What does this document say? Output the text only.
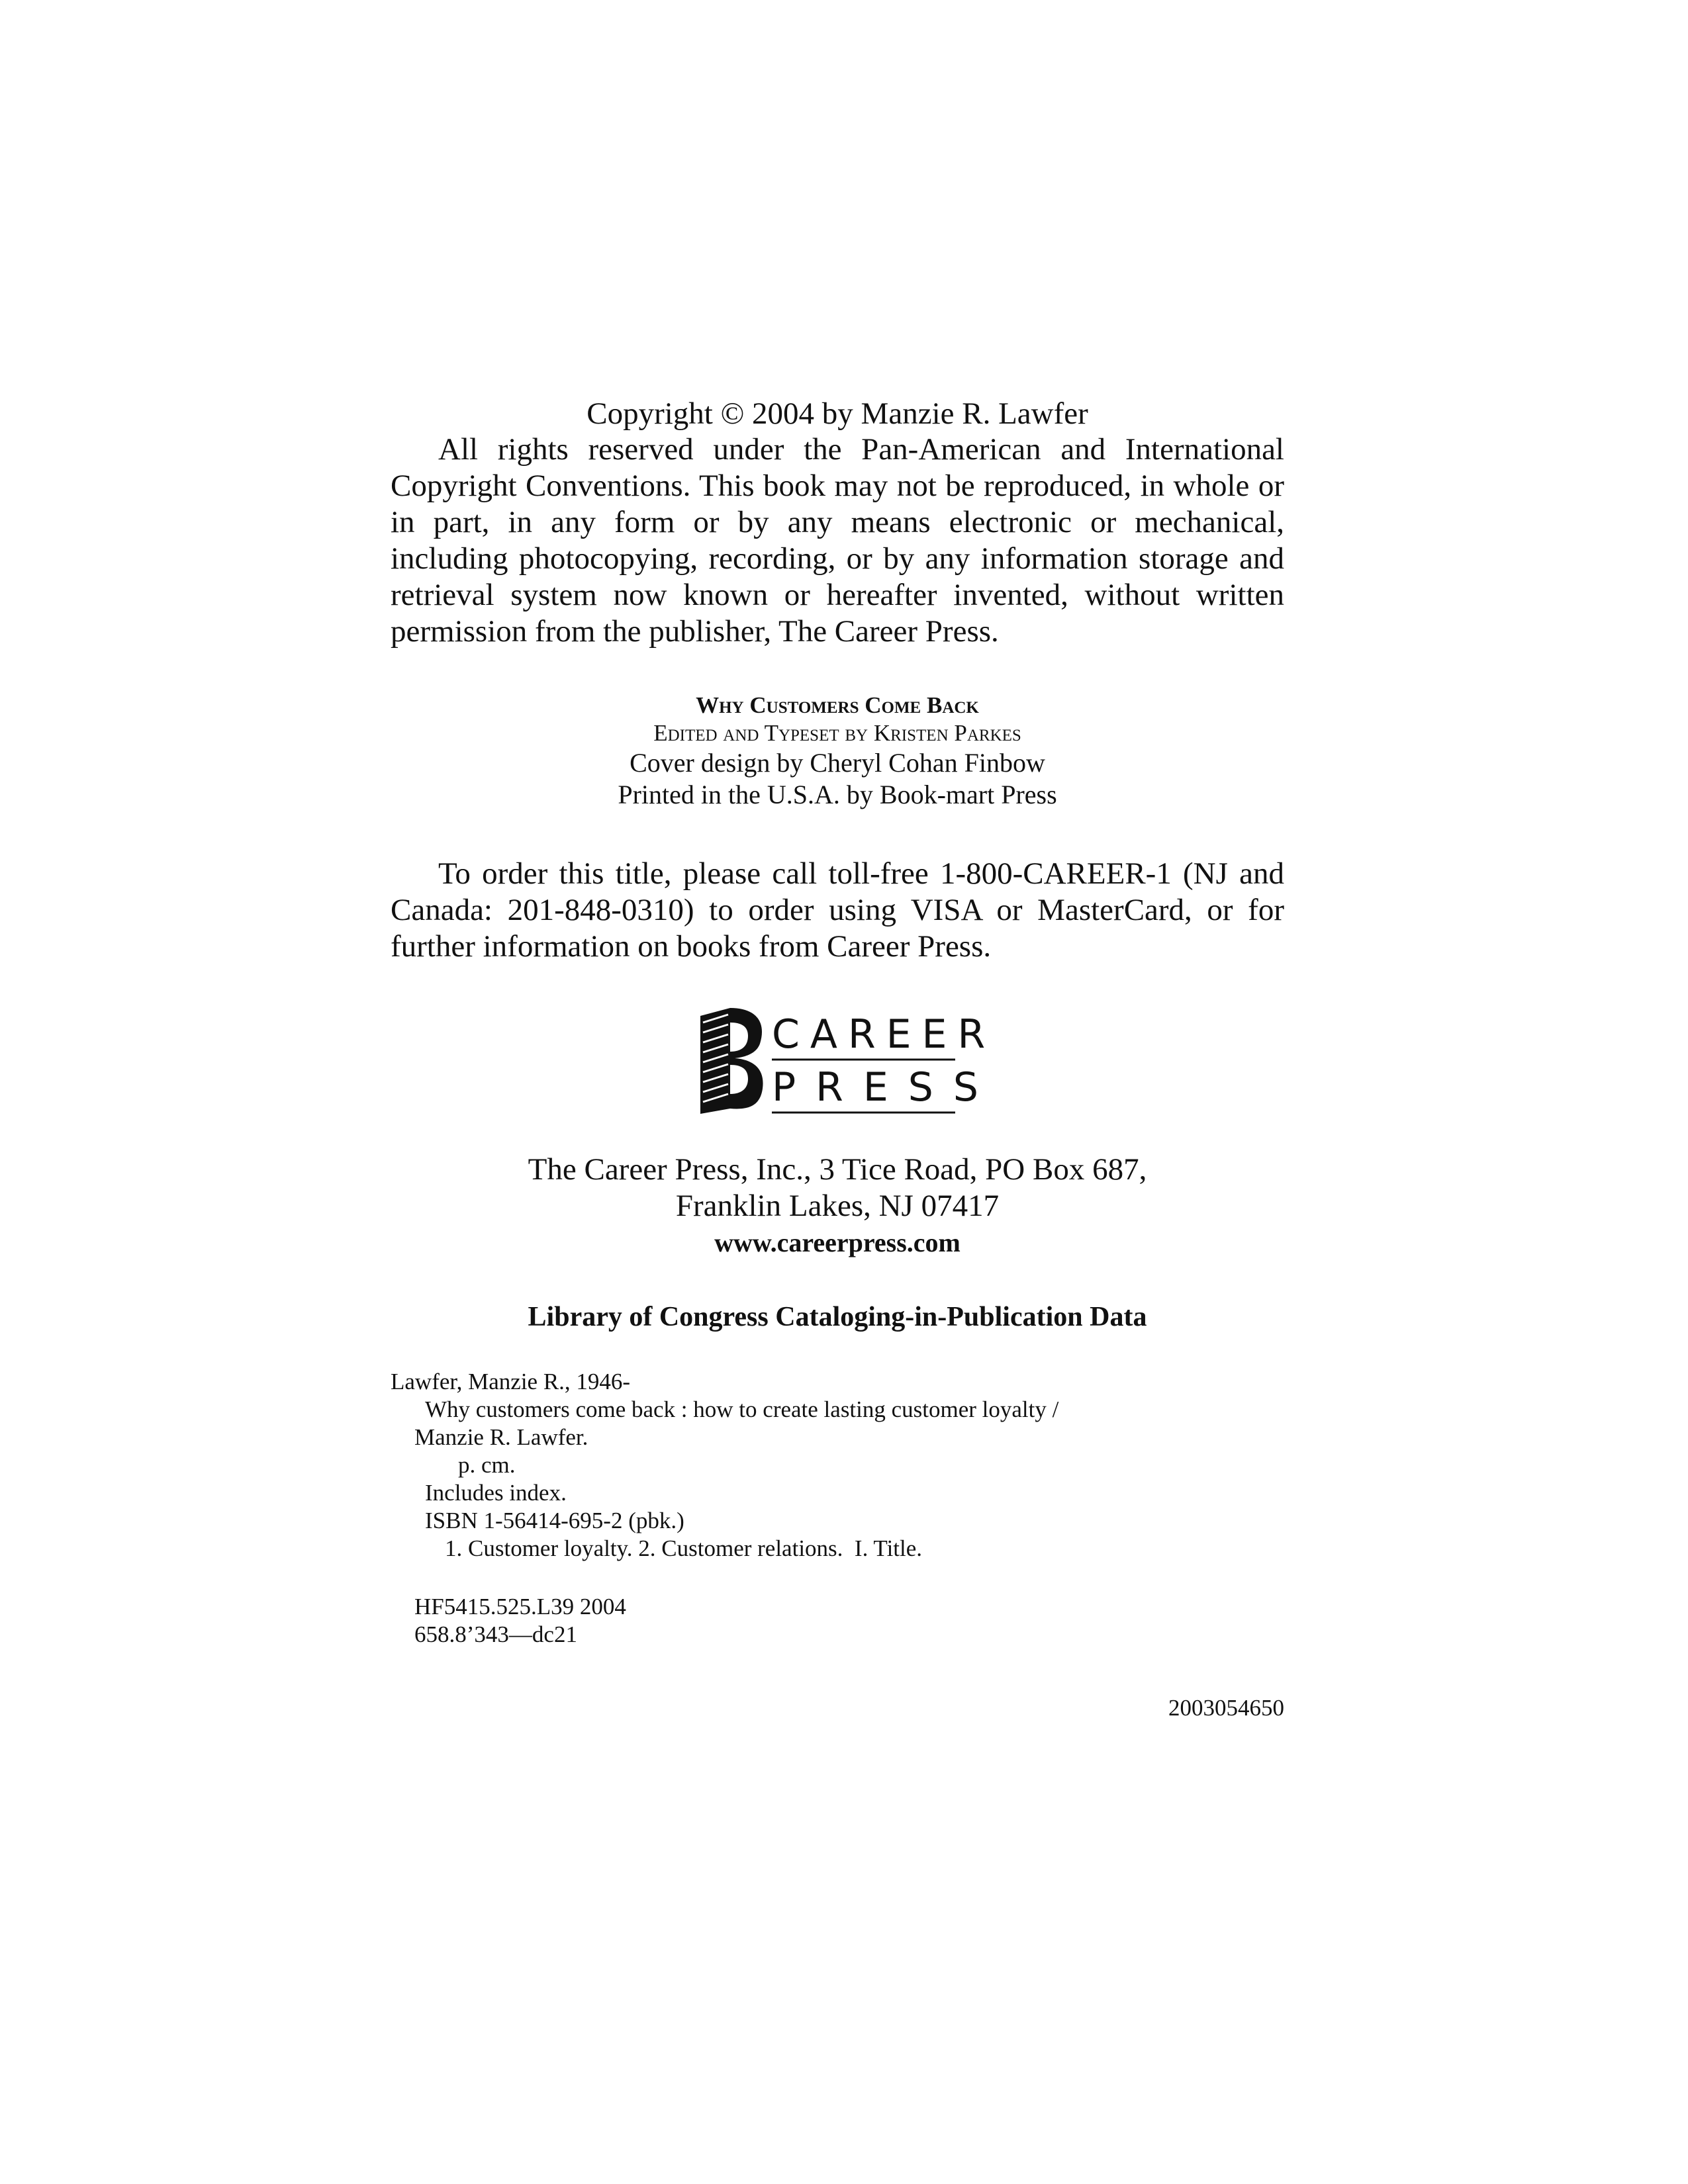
Copyright © 2004 by Manzie R. Lawfer

All rights reserved under the Pan-American and International Copyright Conventions. This book may not be reproduced, in whole or in part, in any form or by any means electronic or mechanical, including photocopying, recording, or by any information storage and retrieval system now known or hereafter invented, without written permission from the publisher, The Career Press.

Why Customers Come Back
Edited and Typeset by Kristen Parkes
Cover design by Cheryl Cohan Finbow
Printed in the U.S.A. by Book-mart Press

To order this title, please call toll-free 1-800-CAREER-1 (NJ and Canada: 201-848-0310) to order using VISA or MasterCard, or for further information on books from Career Press.

CAREER
PRESS
The Career Press, Inc., 3 Tice Road, PO Box 687,
Franklin Lakes, NJ 07417
www.careerpress.com
Library of Congress Cataloging-in-Publication Data
Lawfer, Manzie R., 1946-
Why customers come back : how to create lasting customer loyalty /
Manzie R. Lawfer.
p. cm.
Includes index.
ISBN 1-56414-695-2 (pbk.)
1. Customer loyalty. 2. Customer relations.  I. Title.
HF5415.525.L39 2004
658.8’343—dc21
2003054650
